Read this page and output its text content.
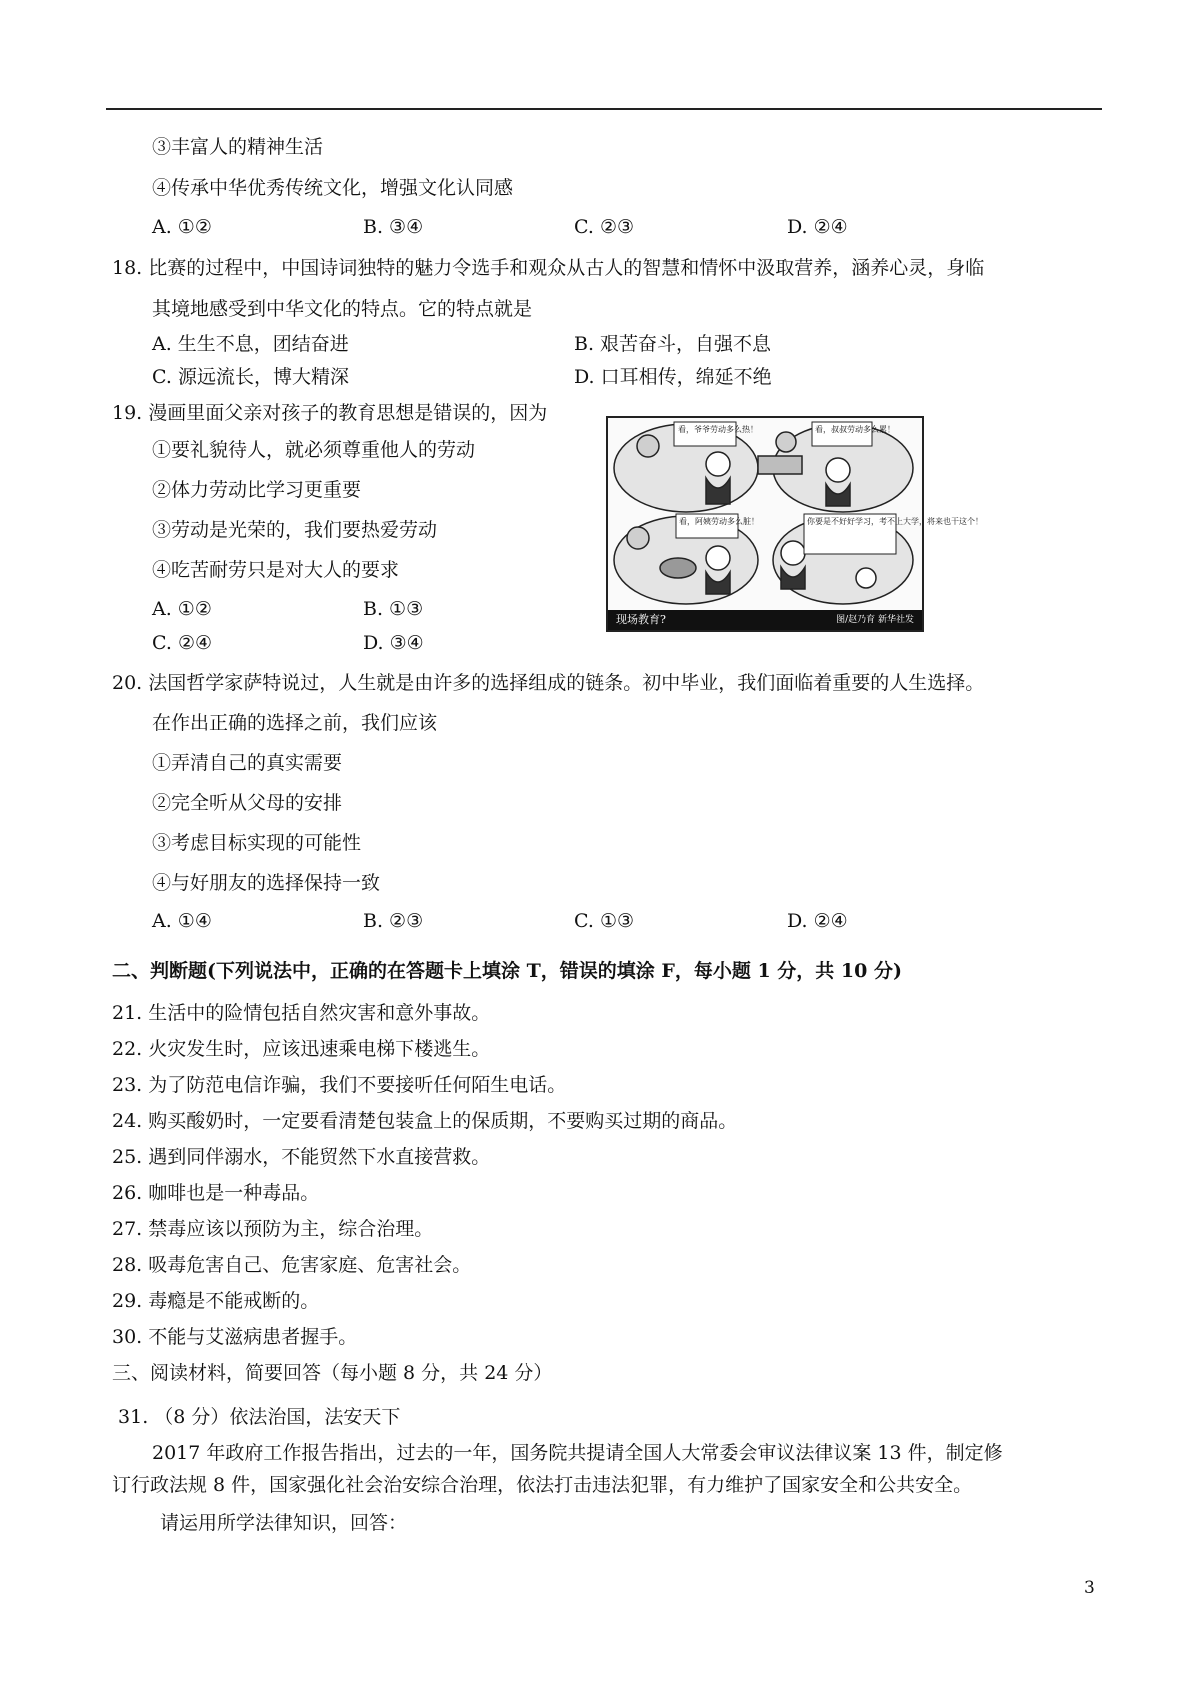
③丰富人的精神生活
④传承中华优秀传统文化，增强文化认同感
A. ①②	B. ③④	C. ②③	D. ②④
18. 比赛的过程中，中国诗词独特的魅力令选手和观众从古人的智慧和情怀中汲取营养，涵养心灵，身临
其境地感受到中华文化的特点。它的特点就是
A. 生生不息，团结奋进	B. 艰苦奋斗，自强不息
C. 源远流长，博大精深	D. 口耳相传，绵延不绝
19. 漫画里面父亲对孩子的教育思想是错误的，因为
①要礼貌待人，就必须尊重他人的劳动
②体力劳动比学习更重要
③劳动是光荣的，我们要热爱劳动
④吃苦耐劳只是对大人的要求
A. ①②	B. ①③
C. ②④	D. ③④
20. 法国哲学家萨特说过，人生就是由许多的选择组成的链条。初中毕业，我们面临着重要的人生选择。
在作出正确的选择之前，我们应该
①弄清自己的真实需要
②完全听从父母的安排
③考虑目标实现的可能性
④与好朋友的选择保持一致
A. ①④	B. ②③	C. ①③	D. ②④
二、判断题(下列说法中，正确的在答题卡上填涂 T，错误的填涂 F，每小题 1 分，共 10 分)
21. 生活中的险情包括自然灾害和意外事故。
22. 火灾发生时，应该迅速乘电梯下楼逃生。
23. 为了防范电信诈骗，我们不要接听任何陌生电话。
24. 购买酸奶时，一定要看清楚包装盒上的保质期，不要购买过期的商品。
25. 遇到同伴溺水，不能贸然下水直接营救。
26. 咖啡也是一种毒品。
27. 禁毒应该以预防为主，综合治理。
28. 吸毒危害自己、危害家庭、危害社会。
29. 毒瘾是不能戒断的。
30. 不能与艾滋病患者握手。
三、阅读材料，简要回答（每小题 8 分，共 24 分）
31. （8 分）依法治国，法安天下
2017 年政府工作报告指出，过去的一年，国务院共提请全国人大常委会审议法律议案 13 件，制定修
订行政法规 8 件，国家强化社会治安综合治理，依法打击违法犯罪，有力维护了国家安全和公共安全。
请运用所学法律知识，回答：
看，爷爷劳动多么热！	看，叔叔劳动多么累！
看，阿姨劳动多么脏！	你要是不好好学习，考不上大学，将来也干这个！
现场教育?	图/赵乃育 新华社发
3
